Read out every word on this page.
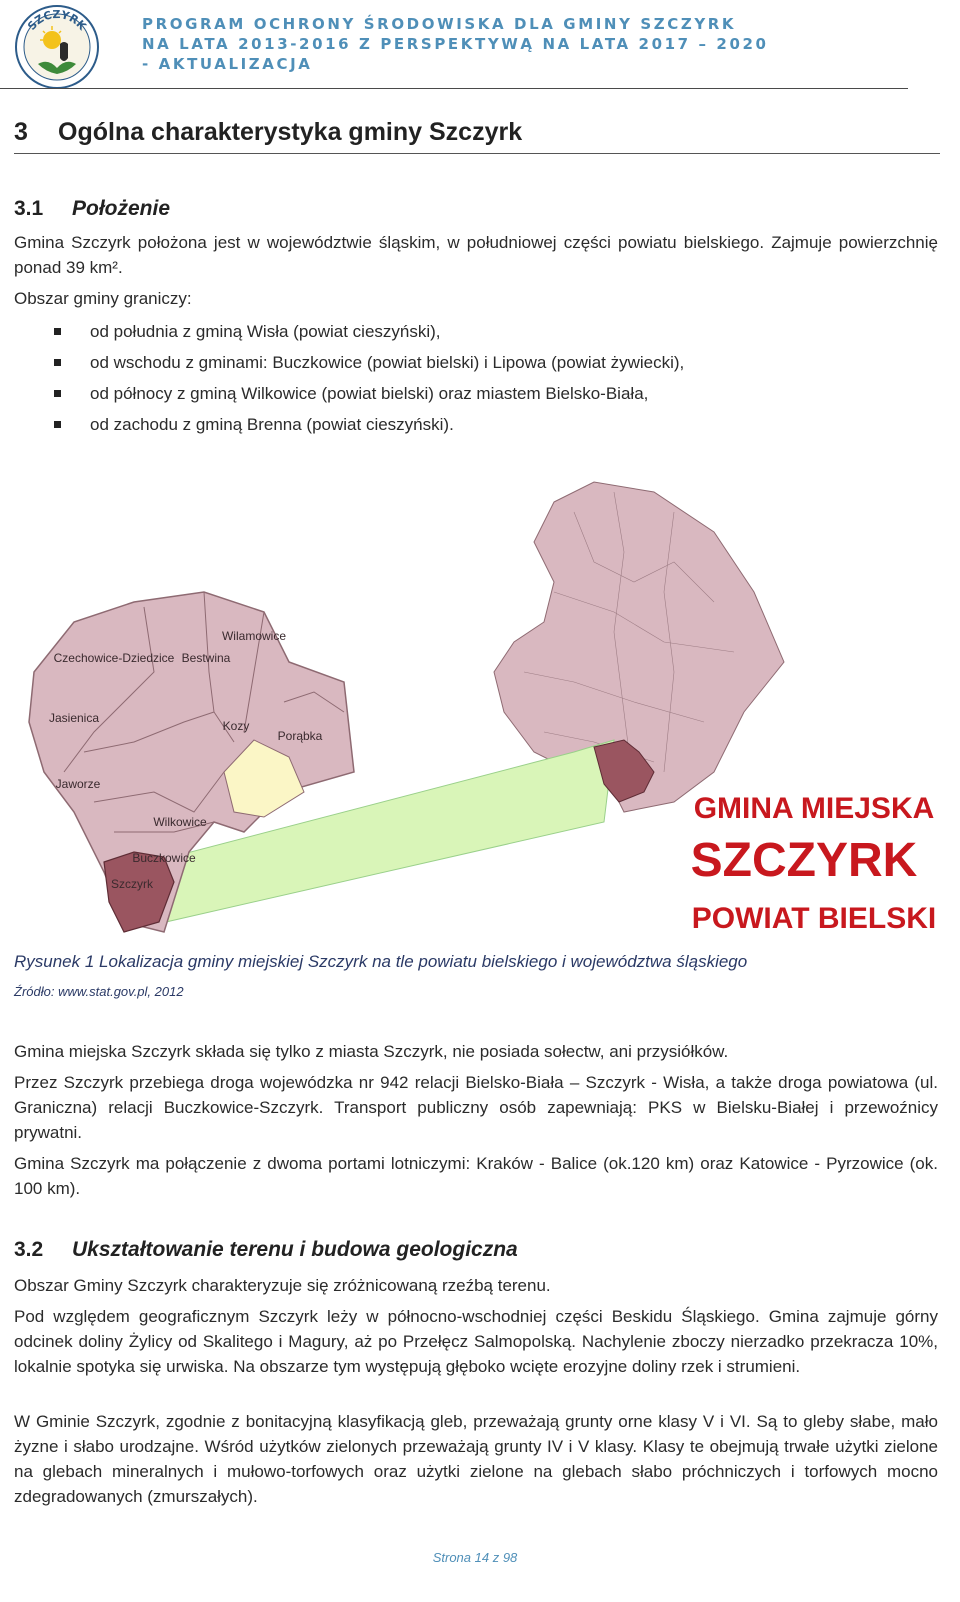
SZCZYRK	PROGRAM OCHRONY ŚRODOWISKA DLA GMINY SZCZYRK
NA LATA 2013-2016 Z PERSPEKTYWĄ NA LATA 2017 – 2020
- AKTUALIZACJA
3 Ogólna charakterystyka gminy Szczyrk
3.1 Położenie

Gmina Szczyrk położona jest w województwie śląskim, w południowej części powiatu bielskiego. Zajmuje powierzchnię ponad 39 km².

Obszar gminy graniczy:

od południa z gminą Wisła (powiat cieszyński),
od wschodu z gminami: Buczkowice (powiat bielski) i Lipowa (powiat żywiecki),
od północy z gminą Wilkowice (powiat bielski) oraz miastem Bielsko-Biała,
od zachodu z gminą Brenna (powiat cieszyński).
Czechowice-Dziedzice Bestwina
Wilamowice
Jasienica
Kozy
Porąbka
Jaworze
Wilkowice
Buczkowice
Szczyrk
GMINA MIEJSKA
SZCZYRK
POWIAT BIELSKI

Rysunek 1 Lokalizacja gminy miejskiej Szczyrk na tle powiatu bielskiego i województwa śląskiego

Źródło: www.stat.gov.pl, 2012

Gmina miejska Szczyrk składa się tylko z miasta Szczyrk, nie posiada sołectw, ani przysiółków.

Przez Szczyrk przebiega droga wojewódzka nr 942 relacji Bielsko-Biała – Szczyrk - Wisła, a także droga powiatowa (ul. Graniczna) relacji Buczkowice-Szczyrk. Transport publiczny osób zapewniają: PKS w Bielsku-Białej i przewoźnicy prywatni.

Gmina Szczyrk ma połączenie z dwoma portami lotniczymi: Kraków - Balice (ok.120 km) oraz Katowice - Pyrzowice (ok. 100 km).

3.2 Ukształtowanie terenu i budowa geologiczna

Obszar Gminy Szczyrk charakteryzuje się zróżnicowaną rzeźbą terenu.

Pod względem geograficznym Szczyrk leży w północno-wschodniej części Beskidu Śląskiego. Gmina zajmuje górny odcinek doliny Żylicy od Skalitego i Magury, aż po Przełęcz Salmopolską. Nachylenie zboczy nierzadko przekracza 10%, lokalnie spotyka się urwiska. Na obszarze tym występują głęboko wcięte erozyjne doliny rzek i strumieni.

W Gminie Szczyrk, zgodnie z bonitacyjną klasyfikacją gleb, przeważają grunty orne klasy V i VI. Są to gleby słabe, mało żyzne i słabo urodzajne. Wśród użytków zielonych przeważają grunty IV i V klasy. Klasy te obejmują trwałe użytki zielone na glebach mineralnych i mułowo-torfowych oraz użytki zielone na glebach słabo próchniczych i torfowych mocno zdegradowanych (zmurszałych).

Strona 14 z 98
